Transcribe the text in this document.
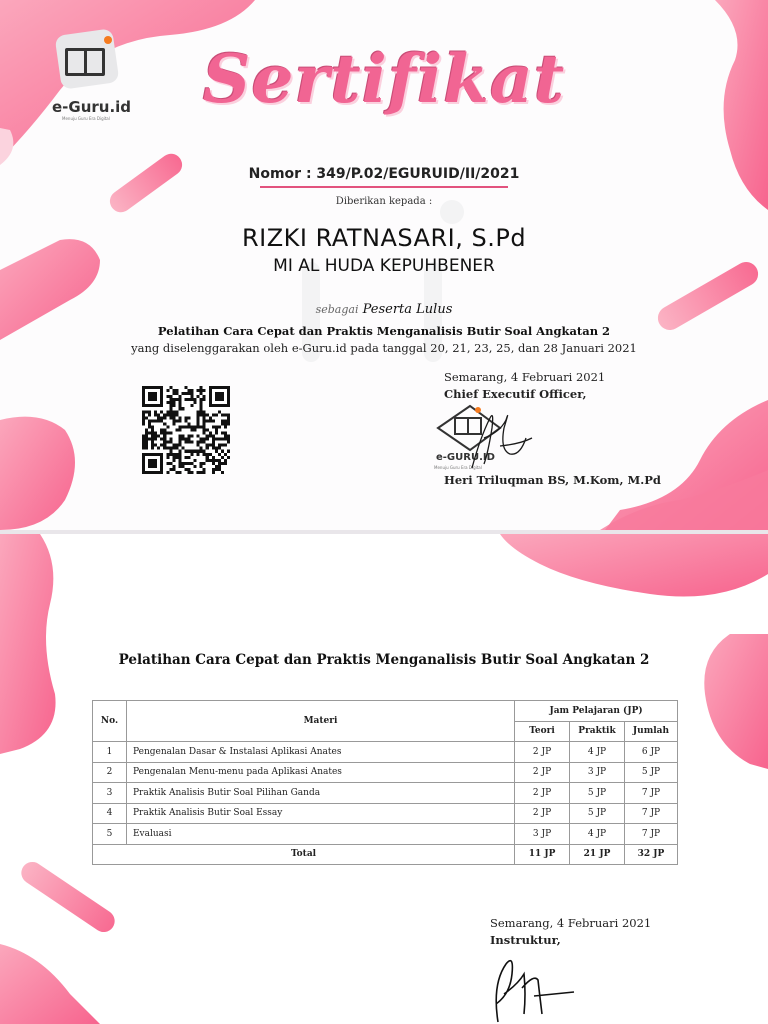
e-Guru.id
Menuju Guru Era Digital
Sertifikat
Nomor : 349/P.02/EGURUID/II/2021
Diberikan kepada :
RIZKI RATNASARI, S.Pd
MI AL HUDA KEPUHBENER
sebagai Peserta Lulus
Pelatihan Cara Cepat dan Praktis Menganalisis Butir Soal Angkatan 2
yang diselenggarakan oleh e-Guru.id pada tanggal 20, 21, 23, 25, dan 28 Januari 2021
Semarang, 4 Februari 2021
Chief Executif Officer,
e-GURU.ID
Menuju Guru Era Digital
Heri Triluqman BS, M.Kom, M.Pd
Pelatihan Cara Cepat dan Praktis Menganalisis Butir Soal Angkatan 2
No.	Materi	Jam Pelajaran (JP)		
		Teori	Praktik	Jumlah
1	Pengenalan Dasar & Instalasi Aplikasi Anates	2 JP	4 JP	6 JP
2	Pengenalan Menu-menu pada Aplikasi Anates	2 JP	3 JP	5 JP
3	Praktik Analisis Butir Soal Pilihan Ganda	2 JP	5 JP	7 JP
4	Praktik Analisis Butir Soal Essay	2 JP	5 JP	7 JP
5	Evaluasi	3 JP	4 JP	7 JP
Total		11 JP	21 JP	32 JP
Semarang, 4 Februari 2021
Instruktur,
